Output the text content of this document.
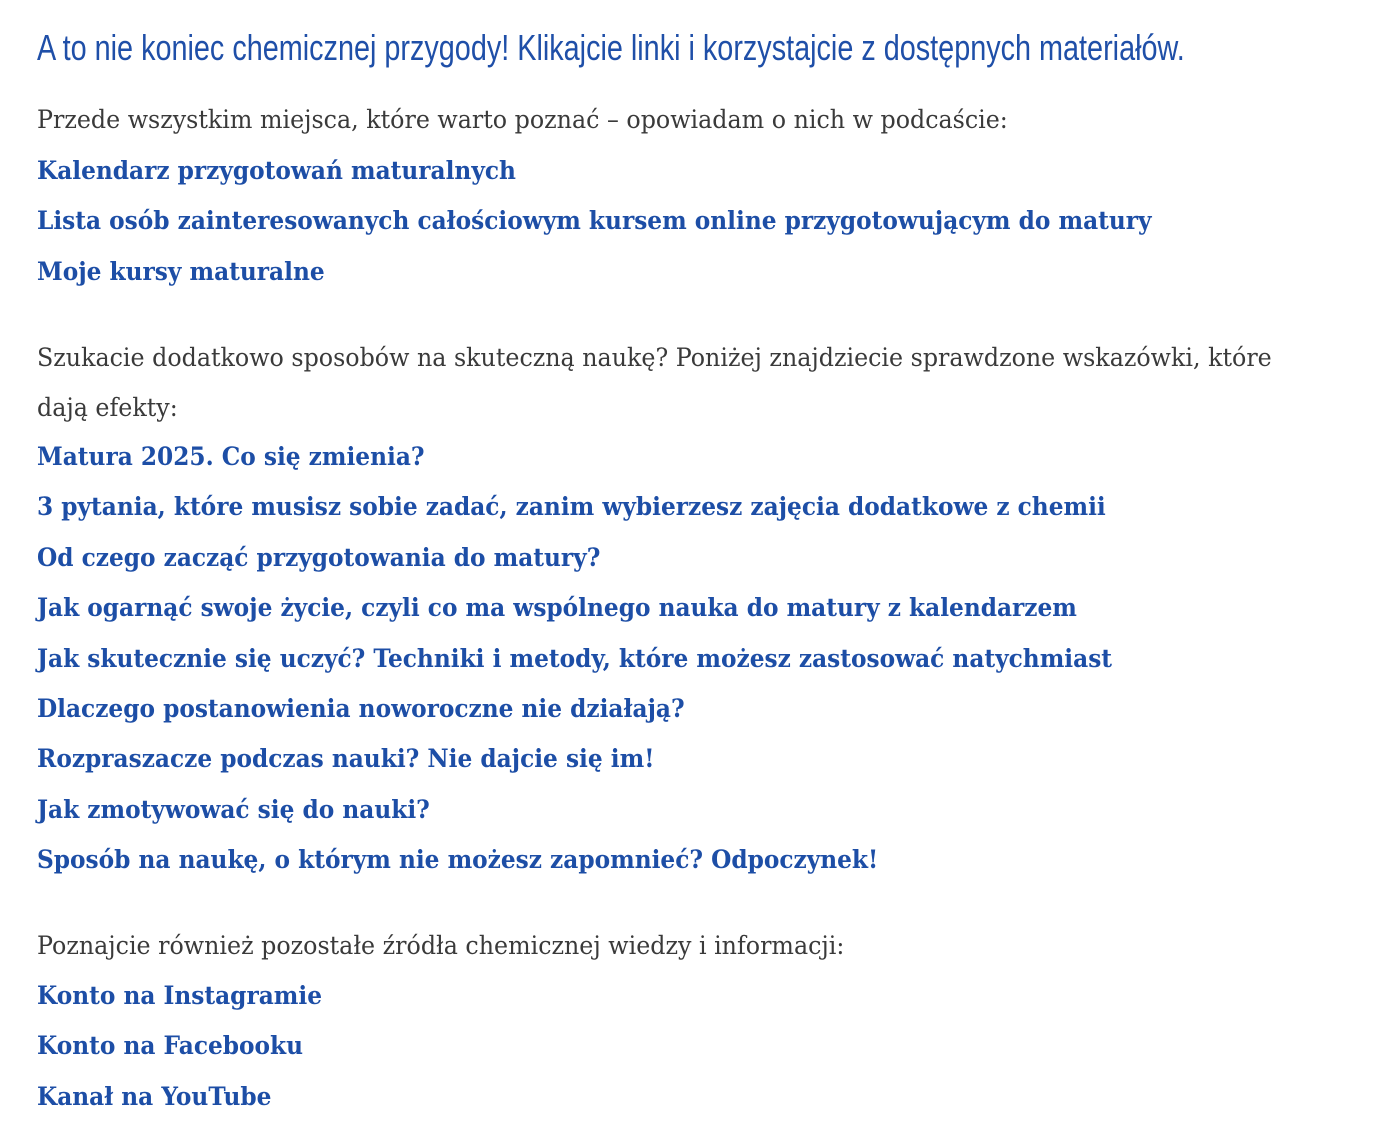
A to nie koniec chemicznej przygody! Klikajcie linki i korzystajcie z dostępnych materiałów.

Przede wszystkim miejsca, które warto poznać – opowiadam o nich w podcaście:

Kalendarz przygotowań maturalnych
Lista osób zainteresowanych całościowym kursem online przygotowującym do matury
Moje kursy maturalne

Szukacie dodatkowo sposobów na skuteczną naukę? Poniżej znajdziecie sprawdzone wskazówki, które dają efekty:

Matura 2025. Co się zmienia?
3 pytania, które musisz sobie zadać, zanim wybierzesz zajęcia dodatkowe z chemii
Od czego zacząć przygotowania do matury?
Jak ogarnąć swoje życie, czyli co ma wspólnego nauka do matury z kalendarzem
Jak skutecznie się uczyć? Techniki i metody, które możesz zastosować natychmiast
Dlaczego postanowienia noworoczne nie działają?
Rozpraszacze podczas nauki? Nie dajcie się im!
Jak zmotywować się do nauki?
Sposób na naukę, o którym nie możesz zapomnieć? Odpoczynek!

Poznajcie również pozostałe źródła chemicznej wiedzy i informacji:

Konto na Instagramie
Konto na Facebooku
Kanał na YouTube
